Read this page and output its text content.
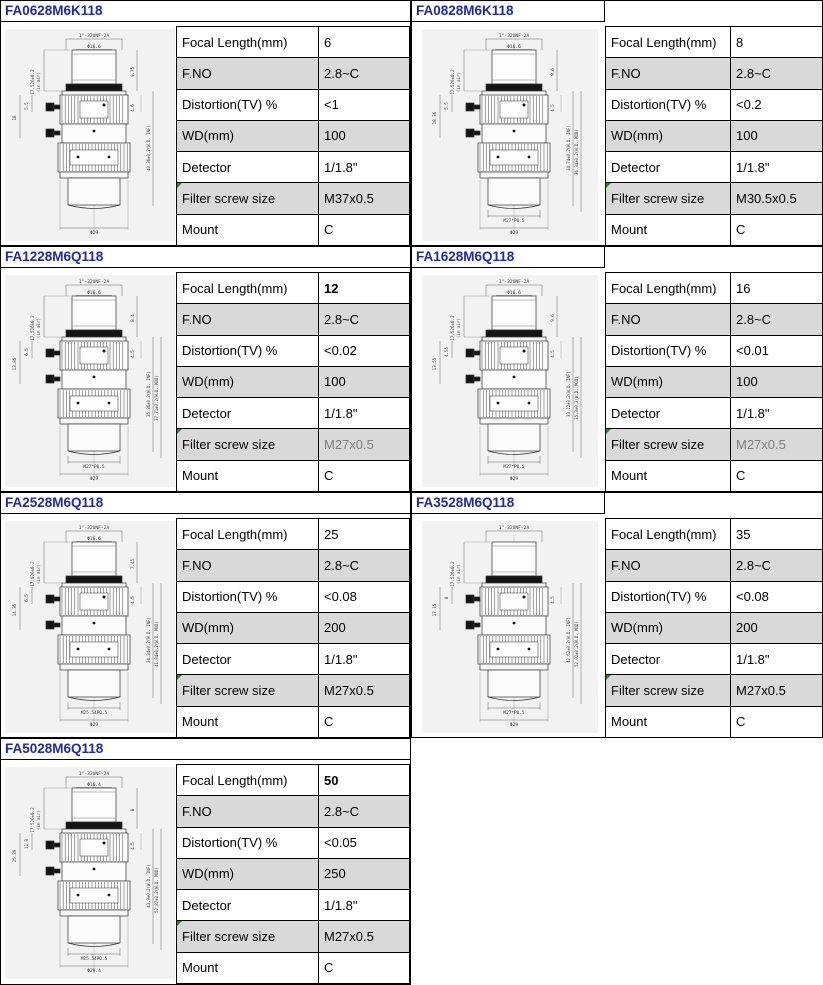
FA0628M6K118
1"-32UNF-2A
Φ16.6
Φ29
17.526±0.2 (in air)
18
5.5
9.75
4.6
40.36±0.2(W.D. INF)
Focal Length(mm)	6
F.NO	2.8~C
Distortion(TV) %	<1
WD(mm)	100
Detector	1/1.8"

Filter screw size	M37x0.5
Mount	C
FA0828M6K118
1"-32UNF-2A
Φ16.6
M27*P0.5
Φ29
17.526±0.2 (in air)
18.36
5.5
9.6
4.5
34.74±0.2(W.D. INF) 36.34±0.2(W.D. MOD)
Focal Length(mm)	8
F.NO	2.8~C
Distortion(TV) %	<0.2
WD(mm)	100
Detector	1/1.8"

Filter screw size	M30.5x0.5
Mount	C
FA1228M6Q118
1"-32UNF-2A
Φ16.6
M27*P0.5
Φ29
17.526±0.2 (in air)
13.85
6.5
8.4
4.5
35.36±0.2(W.D. INF) 37.71±0.2(W.D. MOD)
Focal Length(mm)	12
F.NO	2.8~C
Distortion(TV) %	<0.02
WD(mm)	100
Detector	1/1.8"

Filter screw size	M27x0.5
Mount	C
FA1628M6Q118
1"-32UNF-2A
Φ16.6
M27*P0.5
Φ29
17.526±0.2 (in air)
13.55
4.55
9.6
4.5
33.12±0.2(W.D. INF) 35.3±0.2(W.D. MOD)
Focal Length(mm)	16
F.NO	2.8~C
Distortion(TV) %	<0.01
WD(mm)	100
Detector	1/1.8"

Filter screw size	M27x0.5
Mount	C
FA2528M6Q118
1"-32UNF-2A
Φ16.6
M25.54P0.5
Φ29
17.026±0.2 (in air)
14.35
6.5
7.45
4.5
34.34±0.2(W.D. INF) 41.84±0.2(W.D. MOD)
Focal Length(mm)	25
F.NO	2.8~C
Distortion(TV) %	<0.08
WD(mm)	200
Detector	1/1.8"

Filter screw size	M27x0.5
Mount	C
FA3528M6Q118
1"-32UNF-2A
M27*P0.5
Φ29
17.526±0.2 (in air)
17.15
8	4.5
42.62±0.2(W.D. INF) 52.02±0.2(W.D. MOD)
Focal Length(mm)	35
F.NO	2.8~C
Distortion(TV) %	<0.08
WD(mm)	200
Detector	1/1.8"

Filter screw size	M27x0.5
Mount	C
FA5028M6Q118
1"-32UNF-2A
Φ16.4
M25.54P0.5
Φ29.4
17.526±0.2 (in air)
25.39
11.3
8
4.5
43.9±0.2(W.D. INF) 52.87±0.2(W.D. MOD)
Focal Length(mm)	50
F.NO	2.8~C
Distortion(TV) %	<0.05
WD(mm)	250
Detector	1/1.8"

Filter screw size	M27x0.5
Mount	C
